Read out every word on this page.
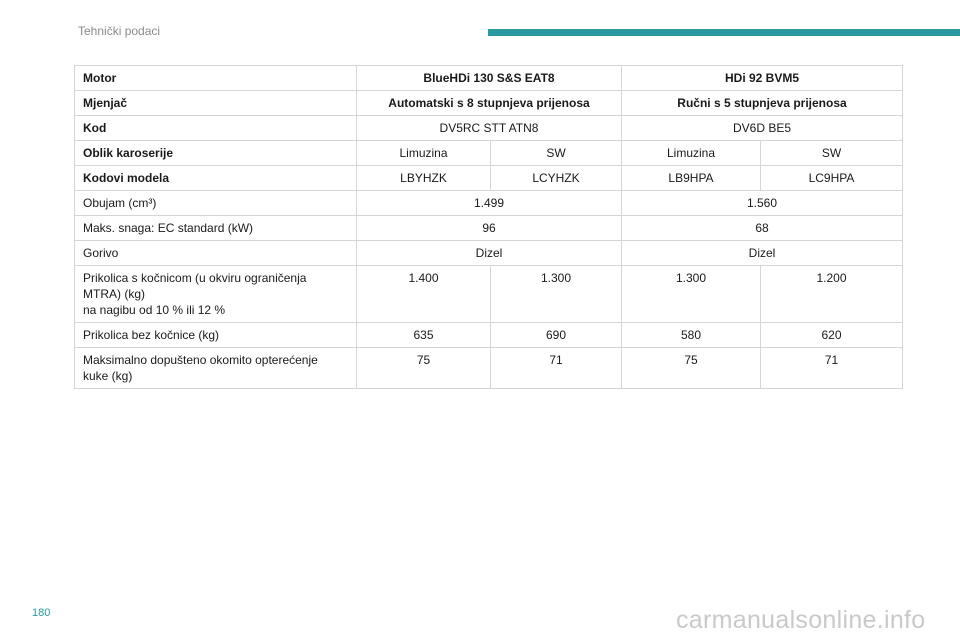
Tehnički podaci
Motor	BlueHDi 130 S&S EAT8		HDi 92 BVM5	
Mjenjač	Automatski s 8 stupnjeva prijenosa		Ručni s 5 stupnjeva prijenosa	
Kod	DV5RC STT ATN8		DV6D BE5	
Oblik karoserije	Limuzina	SW	Limuzina	SW
Kodovi modela	LBYHZK	LCYHZK	LB9HPA	LC9HPA
Obujam (cm³)	1.499		1.560	
Maks. snaga: EC standard (kW)	96		68	
Gorivo	Dizel		Dizel	
Prikolica s kočnicom (u okviru ograničenja
MTRA) (kg)
na nagibu od 10 % ili 12 %	1.400	1.300	1.300	1.200
Prikolica bez kočnice (kg)	635	690	580	620
Maksimalno dopušteno okomito opterećenje
kuke (kg)	75	71	75	71
180	carmanualsonline.info
